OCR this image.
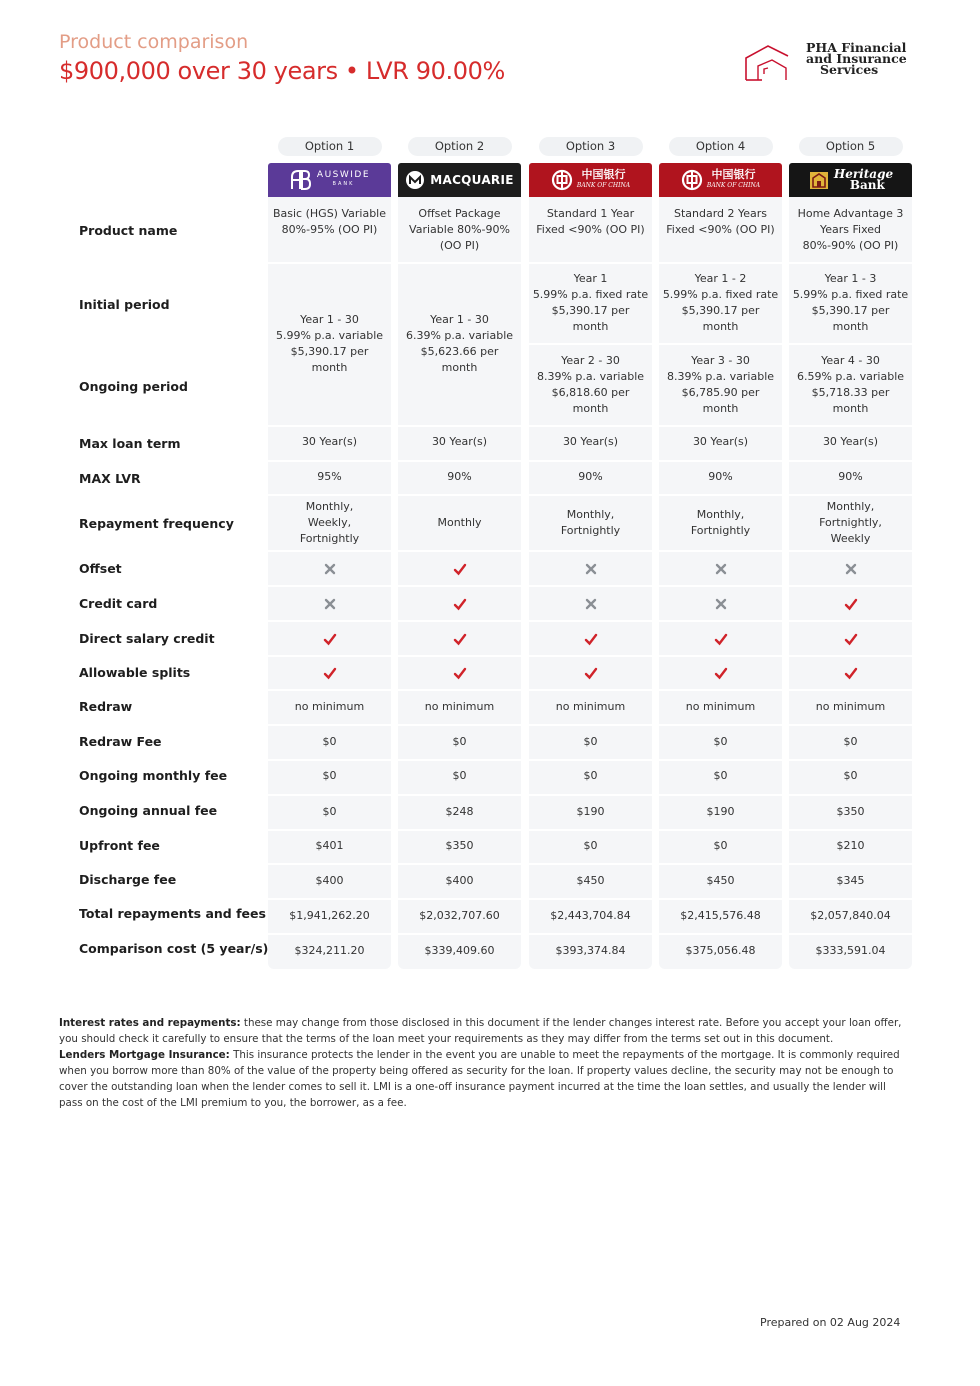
Product comparison
$900,000 over 30 years • LVR 90.00%
PHA Financial
and Insurance
Services
Product name
Initial period
Ongoing period
Max loan term
MAX LVR
Repayment frequency
Offset
Credit card
Direct salary credit
Allowable splits
Redraw
Redraw Fee
Ongoing monthly fee
Ongoing annual fee
Upfront fee
Discharge fee
Total repayments and fees
Comparison cost (5 year/s)
Option 1
AUSWIDE
BANK
Basic (HGS) Variable
80%-95% (OO PI)
Year 1 - 30
5.99% p.a. variable
$5,390.17 per
month
30 Year(s)
95%
Monthly,
Weekly,
Fortnightly
no minimum
$0
$0
$0
$401
$400
$1,941,262.20
$324,211.20
Option 2
MACQUARIE
Offset Package
Variable 80%-90%
(OO PI)
Year 1 - 30
6.39% p.a. variable
$5,623.66 per
month
30 Year(s)
90%
Monthly
no minimum
$0
$0
$248
$350
$400
$2,032,707.60
$339,409.60
Option 3
中国银行
BANK OF CHINA
Standard 1 Year
Fixed <90% (OO PI)
Year 1
5.99% p.a. fixed rate
$5,390.17 per
month
Year 2 - 30
8.39% p.a. variable
$6,818.60 per
month
30 Year(s)
90%
Monthly,
Fortnightly
no minimum
$0
$0
$190
$0
$450
$2,443,704.84
$393,374.84
Option 4
中国银行
BANK OF CHINA
Standard 2 Years
Fixed <90% (OO PI)
Year 1 - 2
5.99% p.a. fixed rate
$5,390.17 per
month
Year 3 - 30
8.39% p.a. variable
$6,785.90 per
month
30 Year(s)
90%
Monthly,
Fortnightly
no minimum
$0
$0
$190
$0
$450
$2,415,576.48
$375,056.48
Option 5
Heritage
Bank
Home Advantage 3
Years Fixed
80%-90% (OO PI)
Year 1 - 3
5.99% p.a. fixed rate
$5,390.17 per
month
Year 4 - 30
6.59% p.a. variable
$5,718.33 per
month
30 Year(s)
90%
Monthly,
Fortnightly,
Weekly
no minimum
$0
$0
$350
$210
$345
$2,057,840.04
$333,591.04
Interest rates and repayments: these may change from those disclosed in this document if the lender changes interest rate. Before you accept your loan offer, you should check it carefully to ensure that the terms of the loan meet your requirements as they may differ from the terms set out in this document.
Lenders Mortgage Insurance: This insurance protects the lender in the event you are unable to meet the repayments of the mortgage. It is commonly required when you borrow more than 80% of the value of the property being offered as security for the loan. If property values decline, the security may not be enough to cover the outstanding loan when the lender comes to sell it. LMI is a one-off insurance payment incurred at the time the loan settles, and usually the lender will pass on the cost of the LMI premium to you, the borrower, as a fee.
Prepared on 02 Aug 2024
